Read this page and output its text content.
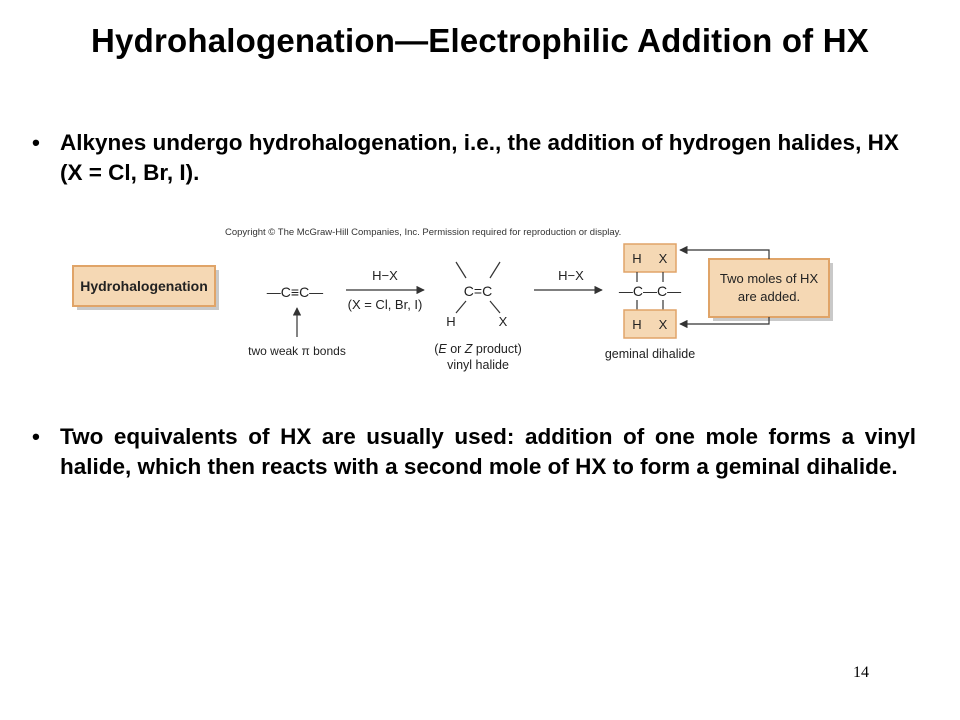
Hydrohalogenation—Electrophilic Addition of HX
• Alkynes undergo hydrohalogenation, i.e., the addition of hydrogen halides, HX (X = Cl, Br, I).
Copyright © The McGraw-Hill Companies, Inc. Permission required for reproduction or display.
Hydrohalogenation	—C≡C—
two weak π bonds
H−X
(X = Cl, Br, I)
C=C
H	X
(E or Z product)
vinyl halide
H−X
H X
—C—C—
H X
geminal dihalide
Two moles of HX
are added.
• Two equivalents of HX are usually used: addition of one mole forms a vinyl halide, which then reacts with a second mole of HX to form a geminal dihalide.
14
